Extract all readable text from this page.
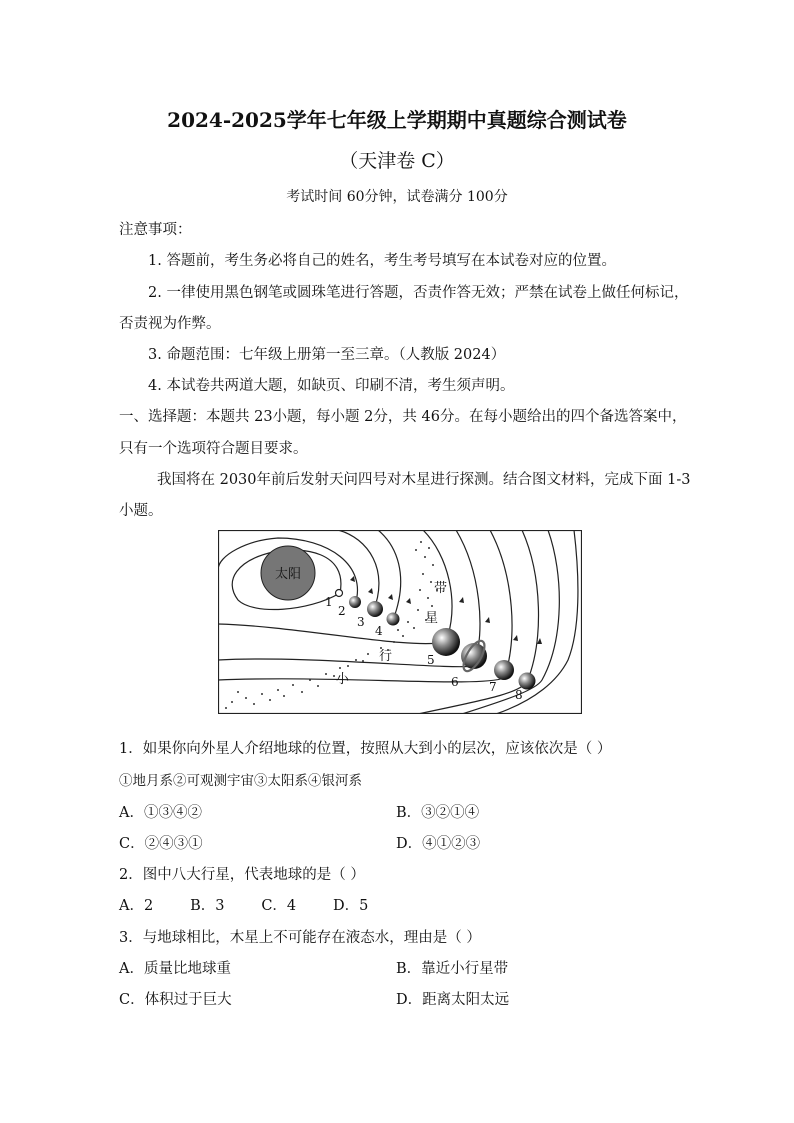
2024-2025学年七年级上学期期中真题综合测试卷
（天津卷 C）
考试时间 60分钟，试卷满分 100分
注意事项：
1. 答题前，考生务必将自己的姓名，考生考号填写在本试卷对应的位置。
2. 一律使用黑色钢笔或圆珠笔进行答题，否责作答无效；严禁在试卷上做任何标记，
否责视为作弊。
3. 命题范围：七年级上册第一至三章。（人教版 2024）
4. 本试卷共两道大题，如缺页、印刷不清，考生须声明。
一、选择题：本题共 23小题，每小题 2分，共 46分。在每小题给出的四个备选答案中，
只有一个选项符合题目要求。
我国将在 2030年前后发射天问四号对木星进行探测。结合图文材料，完成下面 1-3
小题。
太阳
1
2
3
4
5
6	7
8
带
星
行
小
1．如果你向外星人介绍地球的位置，按照从大到小的层次，应该依次是（ ）
①地月系②可观测宇宙③太阳系④银河系
A．①③④②	B．③②①④
C．②④③①	D．④①②③
2．图中八大行星，代表地球的是（ ）
A．2        B．3        C．4        D．5
3．与地球相比，木星上不可能存在液态水，理由是（ ）
A．质量比地球重	B．靠近小行星带
C．体积过于巨大	D．距离太阳太远
